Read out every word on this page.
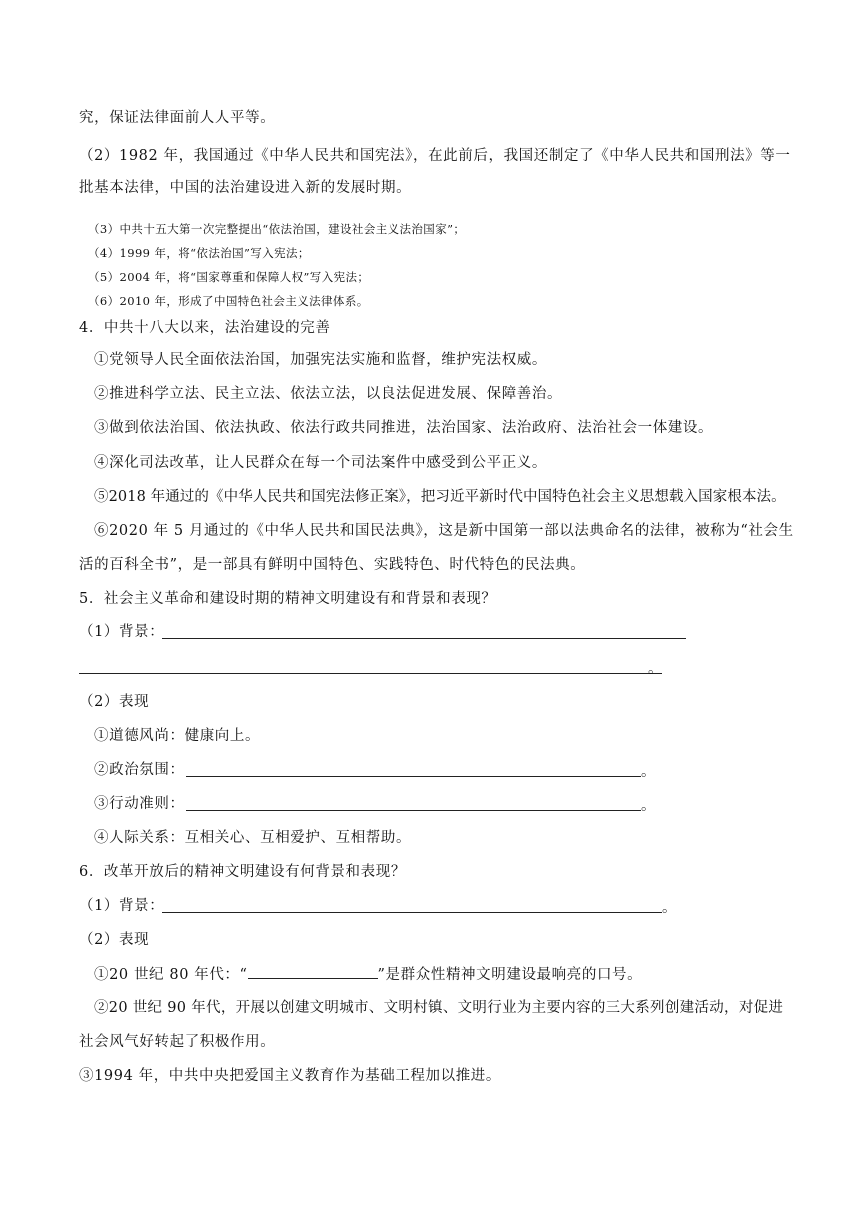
究，保证法律面前人人平等。
（2）1982 年，我国通过《中华人民共和国宪法》，在此前后，我国还制定了《中华人民共和国刑法》等一
批基本法律，中国的法治建设进入新的发展时期。
（3）中共十五大第一次完整提出“依法治国，建设社会主义法治国家”；
（4）1999 年，将“依法治国”写入宪法；
（5）2004 年，将“国家尊重和保障人权”写入宪法；
（6）2010 年，形成了中国特色社会主义法律体系。
4．中共十八大以来，法治建设的完善
①党领导人民全面依法治国，加强宪法实施和监督，维护宪法权威。
②推进科学立法、民主立法、依法立法，以良法促进发展、保障善治。
③做到依法治国、依法执政、依法行政共同推进，法治国家、法治政府、法治社会一体建设。
④深化司法改革，让人民群众在每一个司法案件中感受到公平正义。
⑤2018 年通过的《中华人民共和国宪法修正案》，把习近平新时代中国特色社会主义思想载入国家根本法。
⑥2020 年 5 月通过的《中华人民共和国民法典》，这是新中国第一部以法典命名的法律，被称为“社会生
活的百科全书”，是一部具有鲜明中国特色、实践特色、时代特色的民法典。
5．社会主义革命和建设时期的精神文明建设有和背景和表现？
（1）背景：
。
（2）表现
①道德风尚：健康向上。
②政治氛围：	。
③行动准则：	。
④人际关系：互相关心、互相爱护、互相帮助。
6．改革开放后的精神文明建设有何背景和表现？
（1）背景：	。
（2）表现
①20 世纪 80 年代：“	”是群众性精神文明建设最响亮的口号。
②20 世纪 90 年代，开展以创建文明城市、文明村镇、文明行业为主要内容的三大系列创建活动，对促进
社会风气好转起了积极作用。
③1994 年，中共中央把爱国主义教育作为基础工程加以推进。
